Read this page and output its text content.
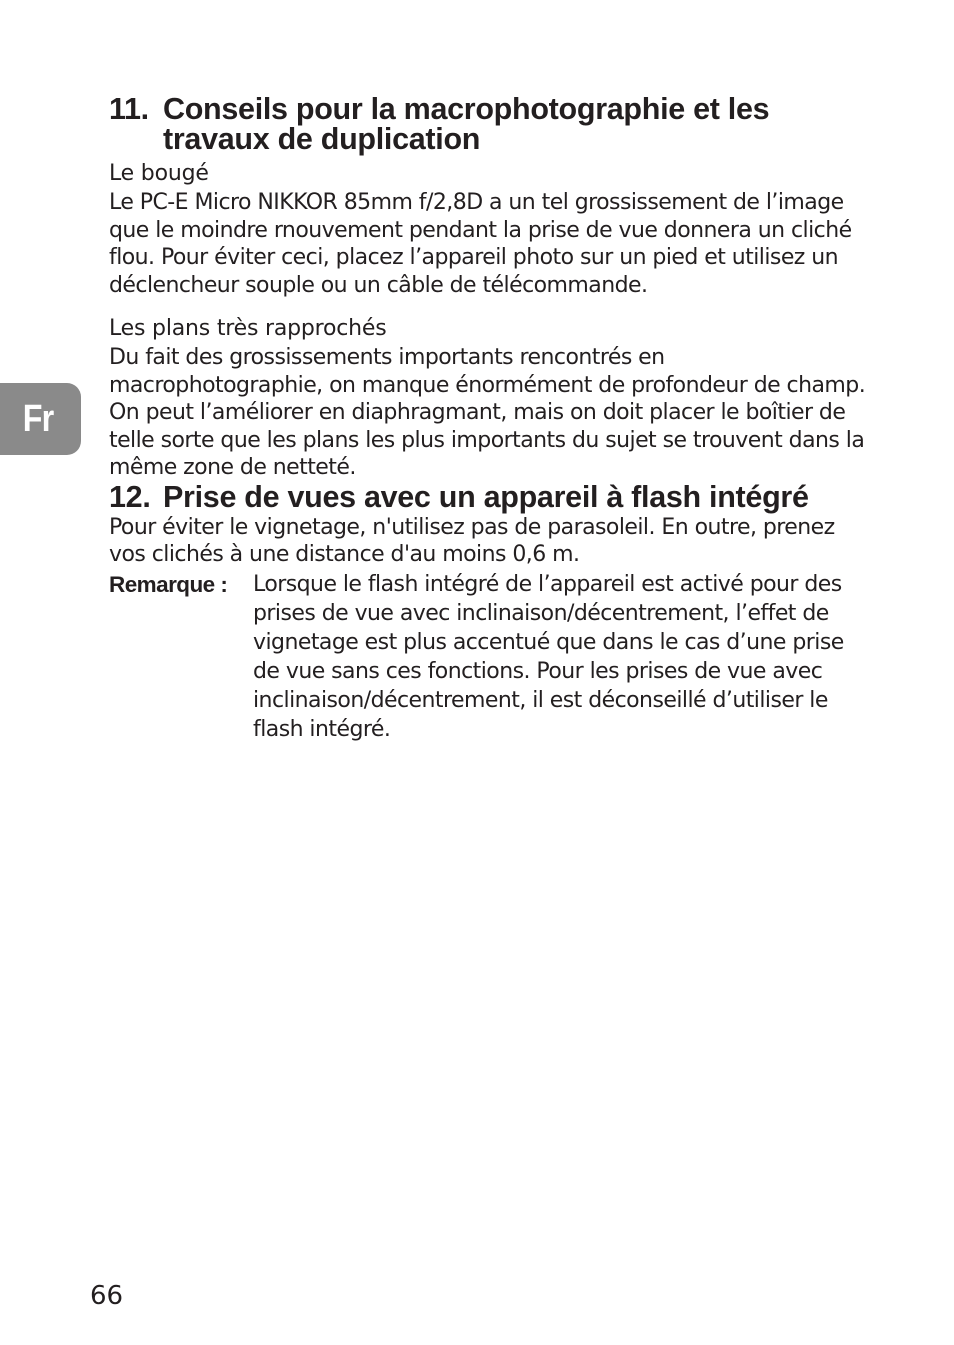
Fr
11. Conseils pour la macrophotographie et les travaux de duplication
Le bougé

Le PC-E Micro NIKKOR 85mm f/2,8D a un tel grossissement de l’image que le moindre rnouvement pendant la prise de vue donnera un cliché flou. Pour éviter ceci, placez l’appareil photo sur un pied et utilisez un déclencheur souple ou un câble de télécommande.

Les plans très rapprochés

Du fait des grossissements importants rencontrés en macrophotographie, on manque énormément de profondeur de champ. On peut l’améliorer en diaphragmant, mais on doit placer le boîtier de telle sorte que les plans les plus importants du sujet se trouvent dans la même zone de netteté.

12. Prise de vues avec un appareil à flash intégré

Pour éviter le vignetage, n'utilisez pas de parasoleil. En outre, prenez vos clichés à une distance d'au moins 0,6 m.

Remarque :	Lorsque le flash intégré de l’appareil est activé pour des prises de vue avec inclinaison/décentrement, l’effet de vignetage est plus accentué que dans le cas d’une prise de vue sans ces fonctions. Pour les prises de vue avec inclinaison/décentrement, il est déconseillé d’utiliser le flash intégré.
66
